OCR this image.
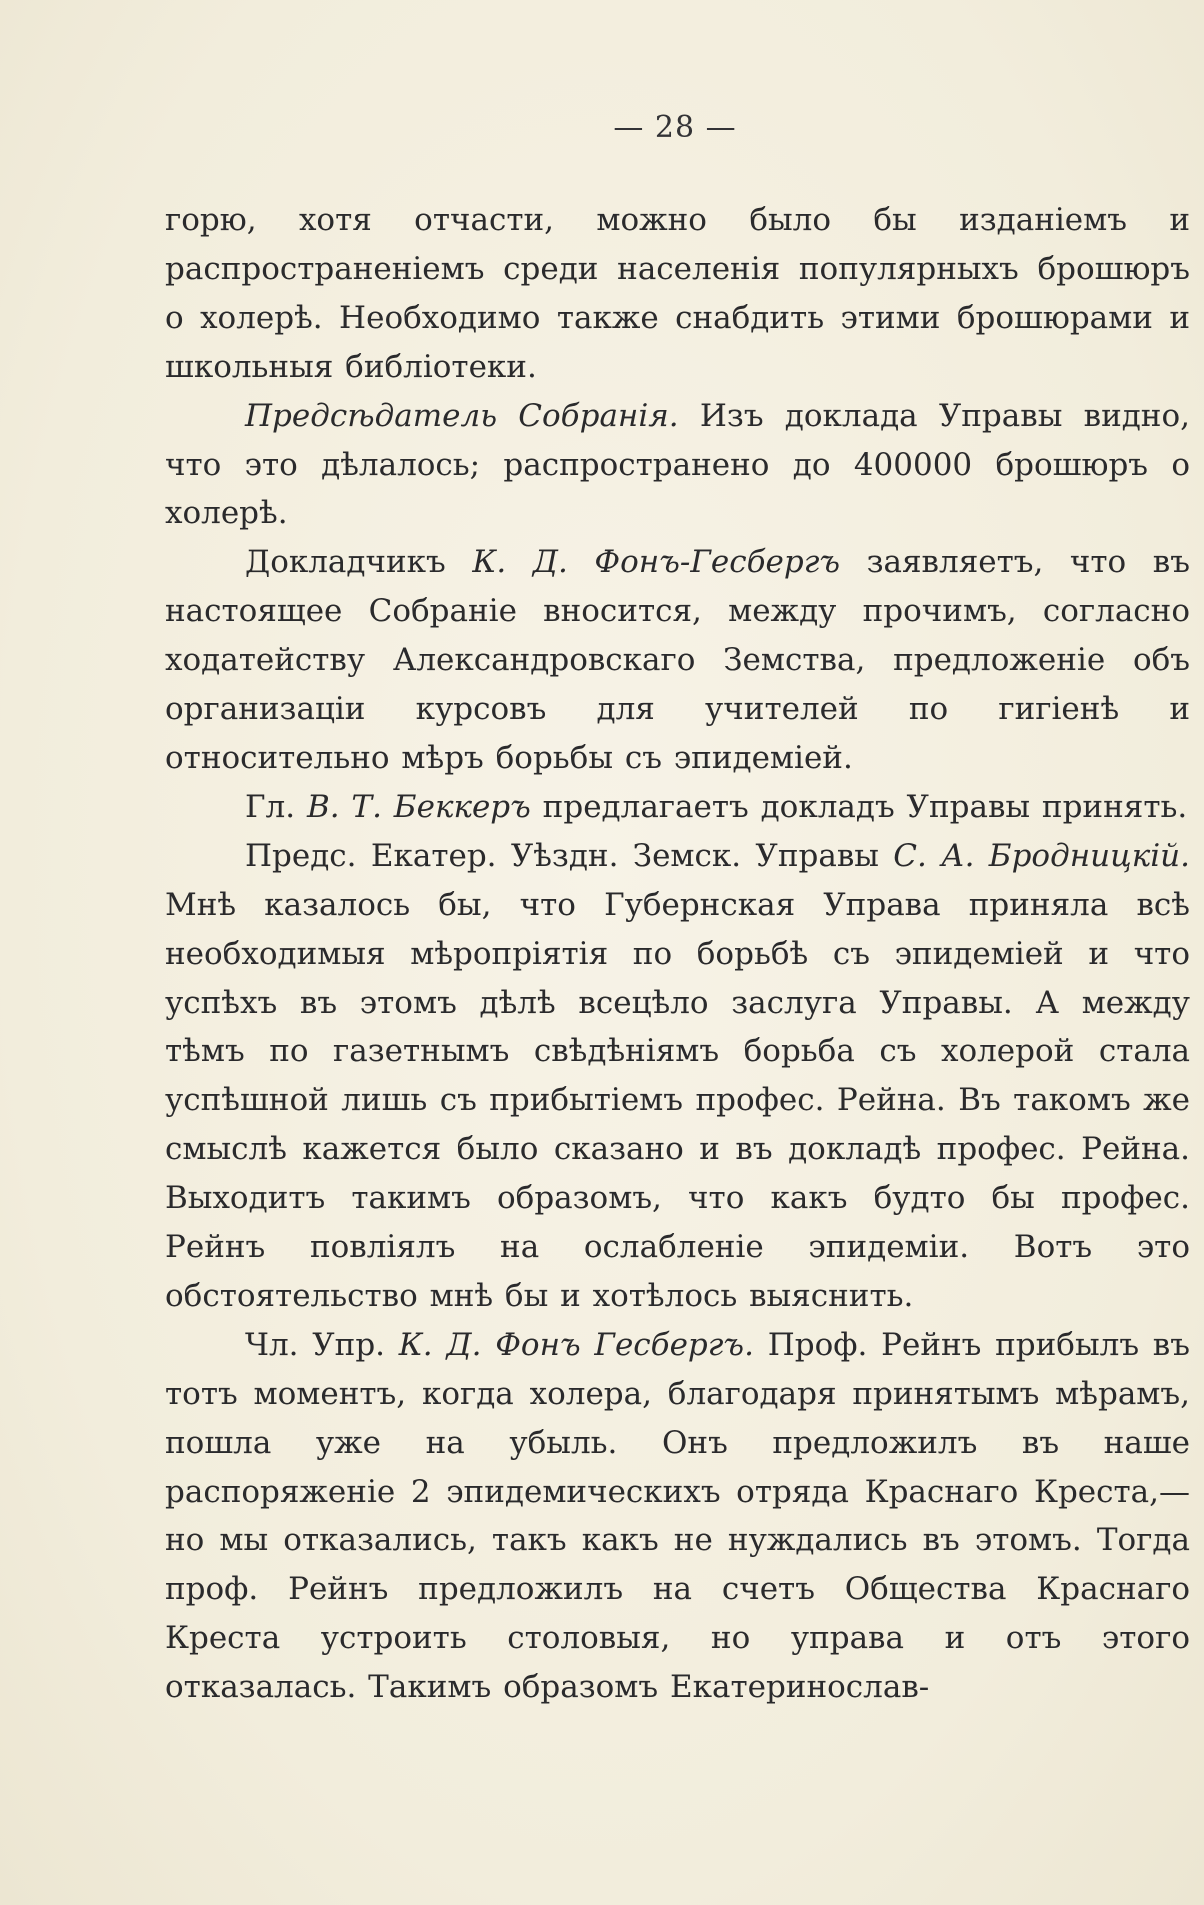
— 28 —

горю, хотя отчасти, можно было бы изданіемъ и распространеніемъ среди населенія популярныхъ брошюръ о холерѣ. Необходимо также снабдить этими брошюрами и школьныя библіотеки.

Предсѣдатель Собранія. Изъ доклада Управы видно, что это дѣлалось; распространено до 400000 брошюръ о холерѣ.

Докладчикъ К. Д. Фонъ-Гесбергъ заявляетъ, что въ настоящее Собраніе вносится, между прочимъ, согласно ходатейству Александровскаго Земства, предложеніе объ организаціи курсовъ для учителей по гигіенѣ и относительно мѣръ борьбы съ эпидеміей.

Гл. В. Т. Беккеръ предлагаетъ докладъ Управы принять.

Предс. Екатер. Уѣздн. Земск. Управы С. А. Бродницкій. Мнѣ казалось бы, что Губернская Управа приняла всѣ необходимыя мѣропріятія по борьбѣ съ эпидеміей и что успѣхъ въ этомъ дѣлѣ всецѣло заслуга Управы. А между тѣмъ по газетнымъ свѣдѣніямъ борьба съ холерой стала успѣшной лишь съ прибытіемъ профес. Рейна. Въ такомъ же смыслѣ кажется было сказано и въ докладѣ профес. Рейна. Выходитъ такимъ образомъ, что какъ будто бы профес. Рейнъ повліялъ на ослабленіе эпидеміи. Вотъ это обстоятельство мнѣ бы и хотѣлось выяснить.

Чл. Упр. К. Д. Фонъ Гесбергъ. Проф. Рейнъ прибылъ въ тотъ моментъ, когда холера, благодаря принятымъ мѣрамъ, пошла уже на убыль. Онъ предложилъ въ наше распоряженіе 2 эпидемическихъ отряда Краснаго Креста,—но мы отказались, такъ какъ не нуждались въ этомъ. Тогда проф. Рейнъ предложилъ на счетъ Общества Краснаго Креста устроить столовыя, но управа и отъ этого отказалась. Такимъ образомъ Екатеринослав-
